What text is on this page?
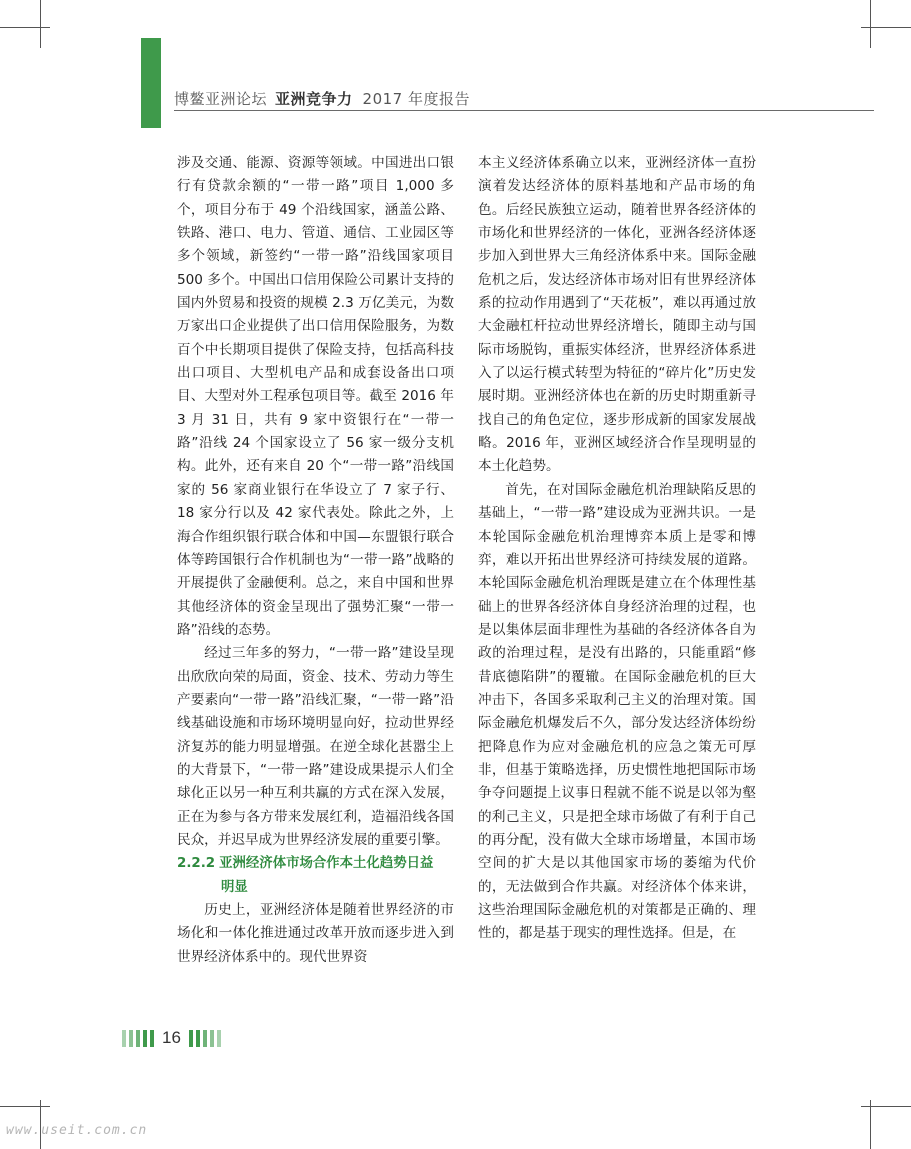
博鳌亚洲论坛 亚洲竞争力 2017 年度报告

涉及交通、能源、资源等领域。中国进出口银行有贷款余额的“一带一路”项目 1,000 多个，项目分布于 49 个沿线国家，涵盖公路、铁路、港口、电力、管道、通信、工业园区等多个领域，新签约“一带一路”沿线国家项目 500 多个。中国出口信用保险公司累计支持的国内外贸易和投资的规模 2.3 万亿美元，为数万家出口企业提供了出口信用保险服务，为数百个中长期项目提供了保险支持，包括高科技出口项目、大型机电产品和成套设备出口项目、大型对外工程承包项目等。截至 2016 年 3 月 31 日，共有 9 家中资银行在“一带一路”沿线 24 个国家设立了 56 家一级分支机构。此外，还有来自 20 个“一带一路”沿线国家的 56 家商业银行在华设立了 7 家子行、18 家分行以及 42 家代表处。除此之外，上海合作组织银行联合体和中国—东盟银行联合体等跨国银行合作机制也为“一带一路”战略的开展提供了金融便利。总之，来自中国和世界其他经济体的资金呈现出了强势汇聚“一带一路”沿线的态势。

经过三年多的努力，“一带一路”建设呈现出欣欣向荣的局面，资金、技术、劳动力等生产要素向“一带一路”沿线汇聚，“一带一路”沿线基础设施和市场环境明显向好，拉动世界经济复苏的能力明显增强。在逆全球化甚嚣尘上的大背景下，“一带一路”建设成果提示人们全球化正以另一种互利共赢的方式在深入发展，正在为参与各方带来发展红利，造福沿线各国民众，并迟早成为世界经济发展的重要引擎。

2.2.2 亚洲经济体市场合作本土化趋势日益
明显

历史上，亚洲经济体是随着世界经济的市场化和一体化推进通过改革开放而逐步进入到世界经济体系中的。现代世界资

本主义经济体系确立以来，亚洲经济体一直扮演着发达经济体的原料基地和产品市场的角色。后经民族独立运动，随着世界各经济体的市场化和世界经济的一体化，亚洲各经济体逐步加入到世界大三角经济体系中来。国际金融危机之后，发达经济体市场对旧有世界经济体系的拉动作用遇到了“天花板”，难以再通过放大金融杠杆拉动世界经济增长，随即主动与国际市场脱钩，重振实体经济，世界经济体系进入了以运行模式转型为特征的“碎片化”历史发展时期。亚洲经济体也在新的历史时期重新寻找自己的角色定位，逐步形成新的国家发展战略。2016 年，亚洲区域经济合作呈现明显的本土化趋势。

首先，在对国际金融危机治理缺陷反思的基础上，“一带一路”建设成为亚洲共识。一是本轮国际金融危机治理博弈本质上是零和博弈，难以开拓出世界经济可持续发展的道路。本轮国际金融危机治理既是建立在个体理性基础上的世界各经济体自身经济治理的过程，也是以集体层面非理性为基础的各经济体各自为政的治理过程，是没有出路的，只能重蹈“修昔底德陷阱”的覆辙。在国际金融危机的巨大冲击下，各国多采取利己主义的治理对策。国际金融危机爆发后不久，部分发达经济体纷纷把降息作为应对金融危机的应急之策无可厚非，但基于策略选择，历史惯性地把国际市场争夺问题提上议事日程就不能不说是以邻为壑的利己主义，只是把全球市场做了有利于自己的再分配，没有做大全球市场增量，本国市场空间的扩大是以其他国家市场的萎缩为代价的，无法做到合作共赢。对经济体个体来讲，这些治理国际金融危机的对策都是正确的、理性的，都是基于现实的理性选择。但是，在

16
www.useit.com.cn
